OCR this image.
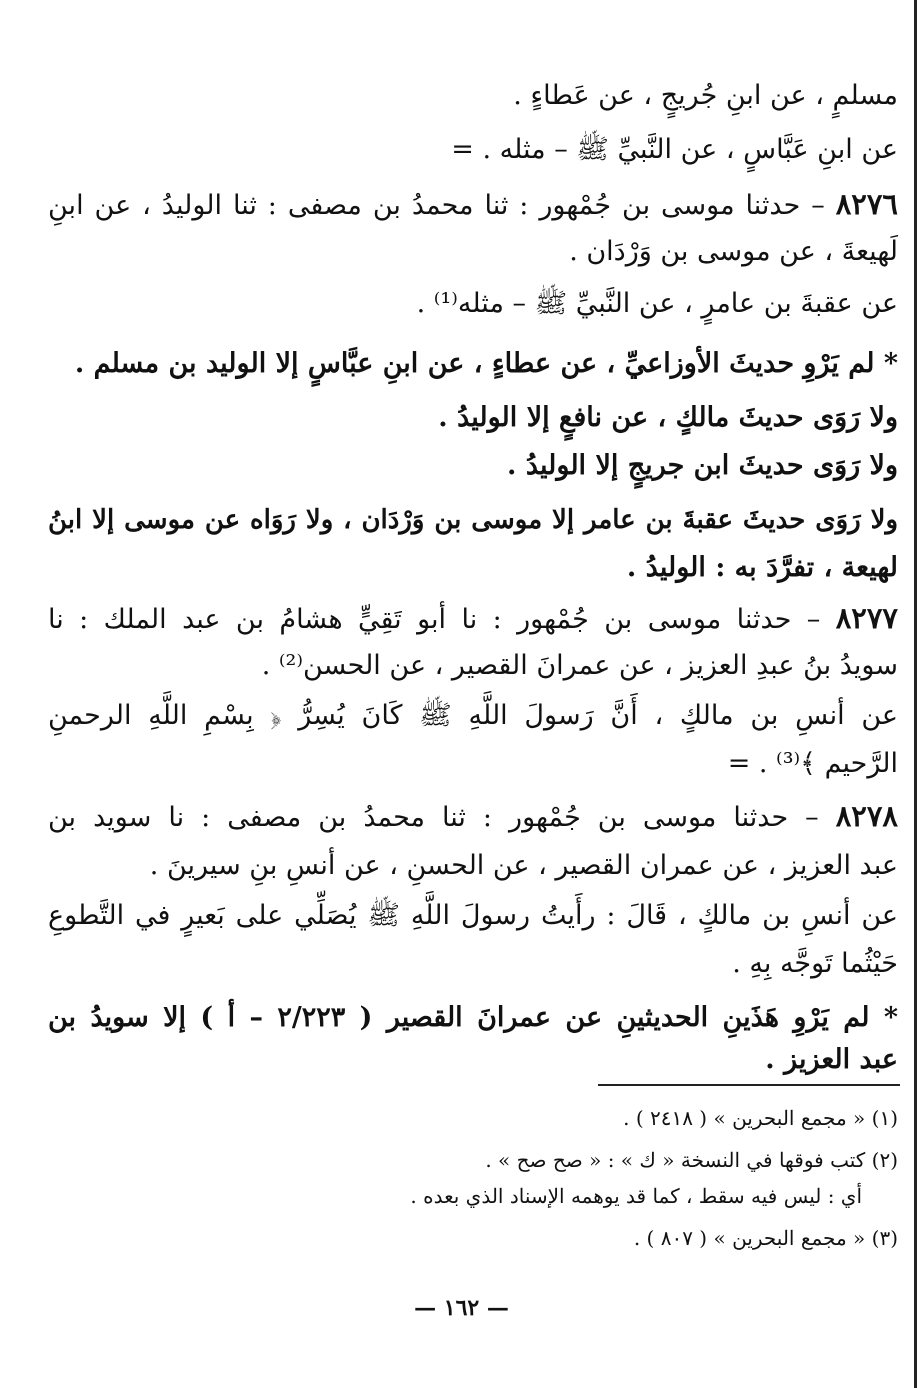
مسلمٍ ، عن ابنِ جُريجٍ ، عن عَطاءٍ .
عن ابنِ عَبَّاسٍ ، عن النَّبيِّ ﷺ – مثله . =
٨٢٧٦ – حدثنا موسى بن جُمْهور : ثنا محمدُ بن مصفى : ثنا الوليدُ ، عن ابنِ
لَهيعةَ ، عن موسى بن وَرْدَان .
عن عقبةَ بن عامرٍ ، عن النَّبيِّ ﷺ – مثله⁽¹⁾ .
* لم يَرْوِ حديثَ الأوزاعيِّ ، عن عطاءٍ ، عن ابنِ عبَّاسٍ إلا الوليد بن مسلم .
ولا رَوَى حديثَ مالكٍ ، عن نافعٍ إلا الوليدُ .
ولا رَوَى حديثَ ابن جريجٍ إلا الوليدُ .
ولا رَوَى حديثَ عقبةَ بن عامر إلا موسى بن وَرْدَان ، ولا رَوَاه عن موسى إلا ابنُ
لهيعة ، تفرَّدَ به : الوليدُ .
٨٢٧٧ – حدثنا موسى بن جُمْهور : نا أبو تَقِيٍّ هشامُ بن عبد الملك : نا
سويدُ بنُ عبدِ العزيز ، عن عمرانَ القصير ، عن الحسن⁽²⁾ .
عن أنسِ بن مالكٍ ، أَنَّ رَسولَ اللَّهِ ﷺ كَانَ يُسِرُّ ﴿ بِسْمِ اللَّهِ الرحمنِ
الرَّحيم ﴾⁽³⁾ . =
٨٢٧٨ – حدثنا موسى بن جُمْهور : ثنا محمدُ بن مصفى : نا سويد بن
عبد العزيز ، عن عمران القصير ، عن الحسنِ ، عن أنسِ بنِ سيرينَ .
عن أنسِ بن مالكٍ ، قَالَ : رأَيتُ رسولَ اللَّهِ ﷺ يُصَلِّي على بَعيرٍ في التَّطوعِ
حَيْثُما تَوجَّه بِهِ .
* لم يَرْوِ هَذَينِ الحديثينِ عن عمرانَ القصير ( ٢/٢٢٣ – أ ) إلا سويدُ بن
عبد العزيز .
(١) « مجمع البحرين » ( ٢٤١٨ ) .
(٢) كتب فوقها في النسخة « ك » : « صح صح » .
أي : ليس فيه سقط ، كما قد يوهمه الإسناد الذي بعده .
(٣) « مجمع البحرين » ( ٨٠٧ ) .
— ١٦٢ —
